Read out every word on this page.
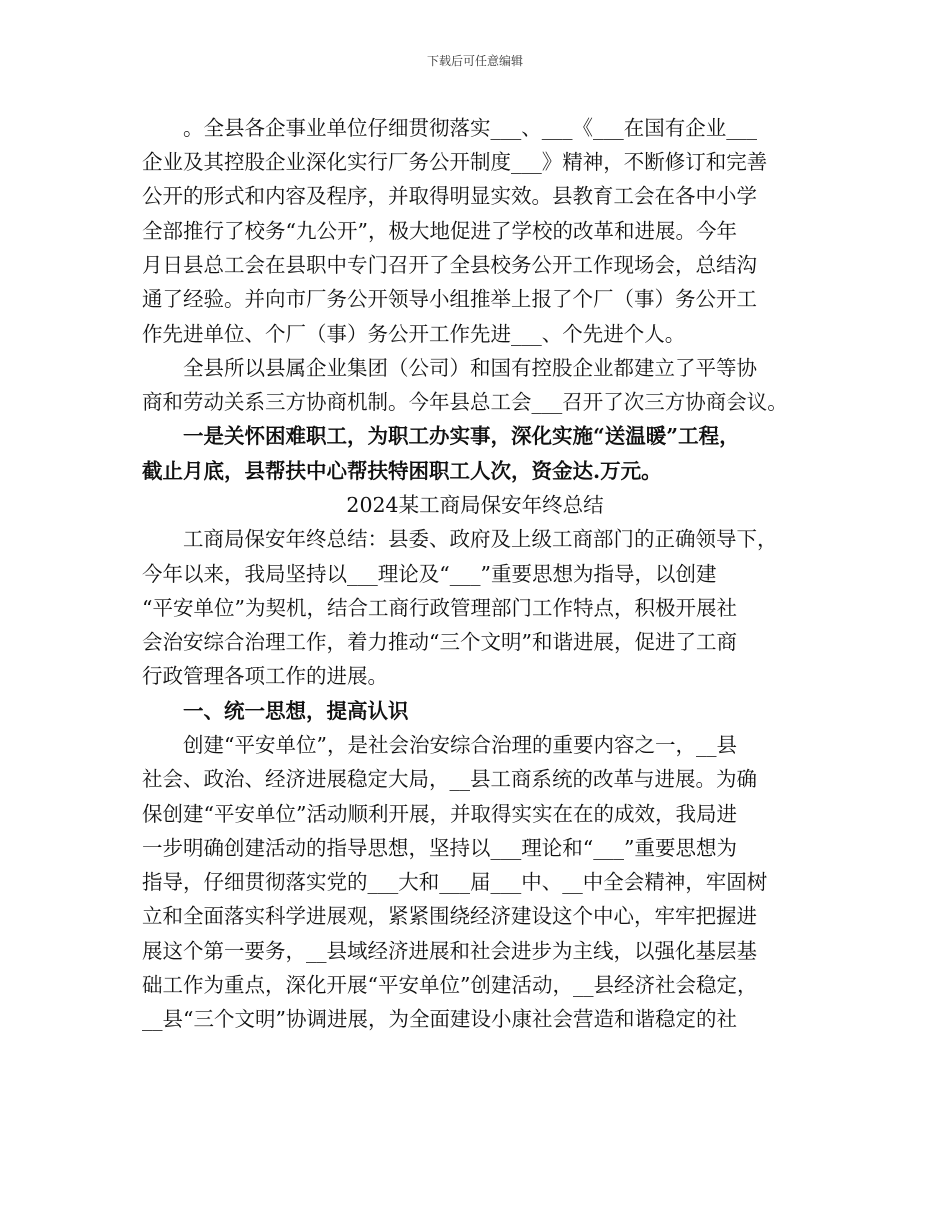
下载后可任意编辑
　　。全县各企事业单位仔细贯彻落实___、___《___在国有企业___
企业及其控股企业深化实行厂务公开制度___》精神，不断修订和完善
公开的形式和内容及程序，并取得明显实效。县教育工会在各中小学
全部推行了校务“九公开”，极大地促进了学校的改革和进展。今年
月日县总工会在县职中专门召开了全县校务公开工作现场会，总结沟
通了经验。并向市厂务公开领导小组推举上报了个厂（事）务公开工
作先进单位、个厂（事）务公开工作先进___、个先进个人。
　　全县所以县属企业集团（公司）和国有控股企业都建立了平等协
商和劳动关系三方协商机制。今年县总工会___召开了次三方协商会议。
　　一是关怀困难职工，为职工办实事，深化实施“送温暖”工程，
截止月底，县帮扶中心帮扶特困职工人次，资金达.万元。
2024某工商局保安年终总结
　　工商局保安年终总结：县委、政府及上级工商部门的正确领导下，
今年以来，我局坚持以___理论及“___”重要思想为指导，以创建
“平安单位”为契机，结合工商行政管理部门工作特点，积极开展社
会治安综合治理工作，着力推动“三个文明”和谐进展，促进了工商
行政管理各项工作的进展。
　　一、统一思想，提高认识
　　创建“平安单位”，是社会治安综合治理的重要内容之一，__县
社会、政治、经济进展稳定大局，__县工商系统的改革与进展。为确
保创建“平安单位”活动顺利开展，并取得实实在在的成效，我局进
一步明确创建活动的指导思想，坚持以___理论和“___”重要思想为
指导，仔细贯彻落实党的___大和___届___中、__中全会精神，牢固树
立和全面落实科学进展观，紧紧围绕经济建设这个中心，牢牢把握进
展这个第一要务，__县域经济进展和社会进步为主线，以强化基层基
础工作为重点，深化开展“平安单位”创建活动，__县经济社会稳定，
__县“三个文明”协调进展，为全面建设小康社会营造和谐稳定的社
